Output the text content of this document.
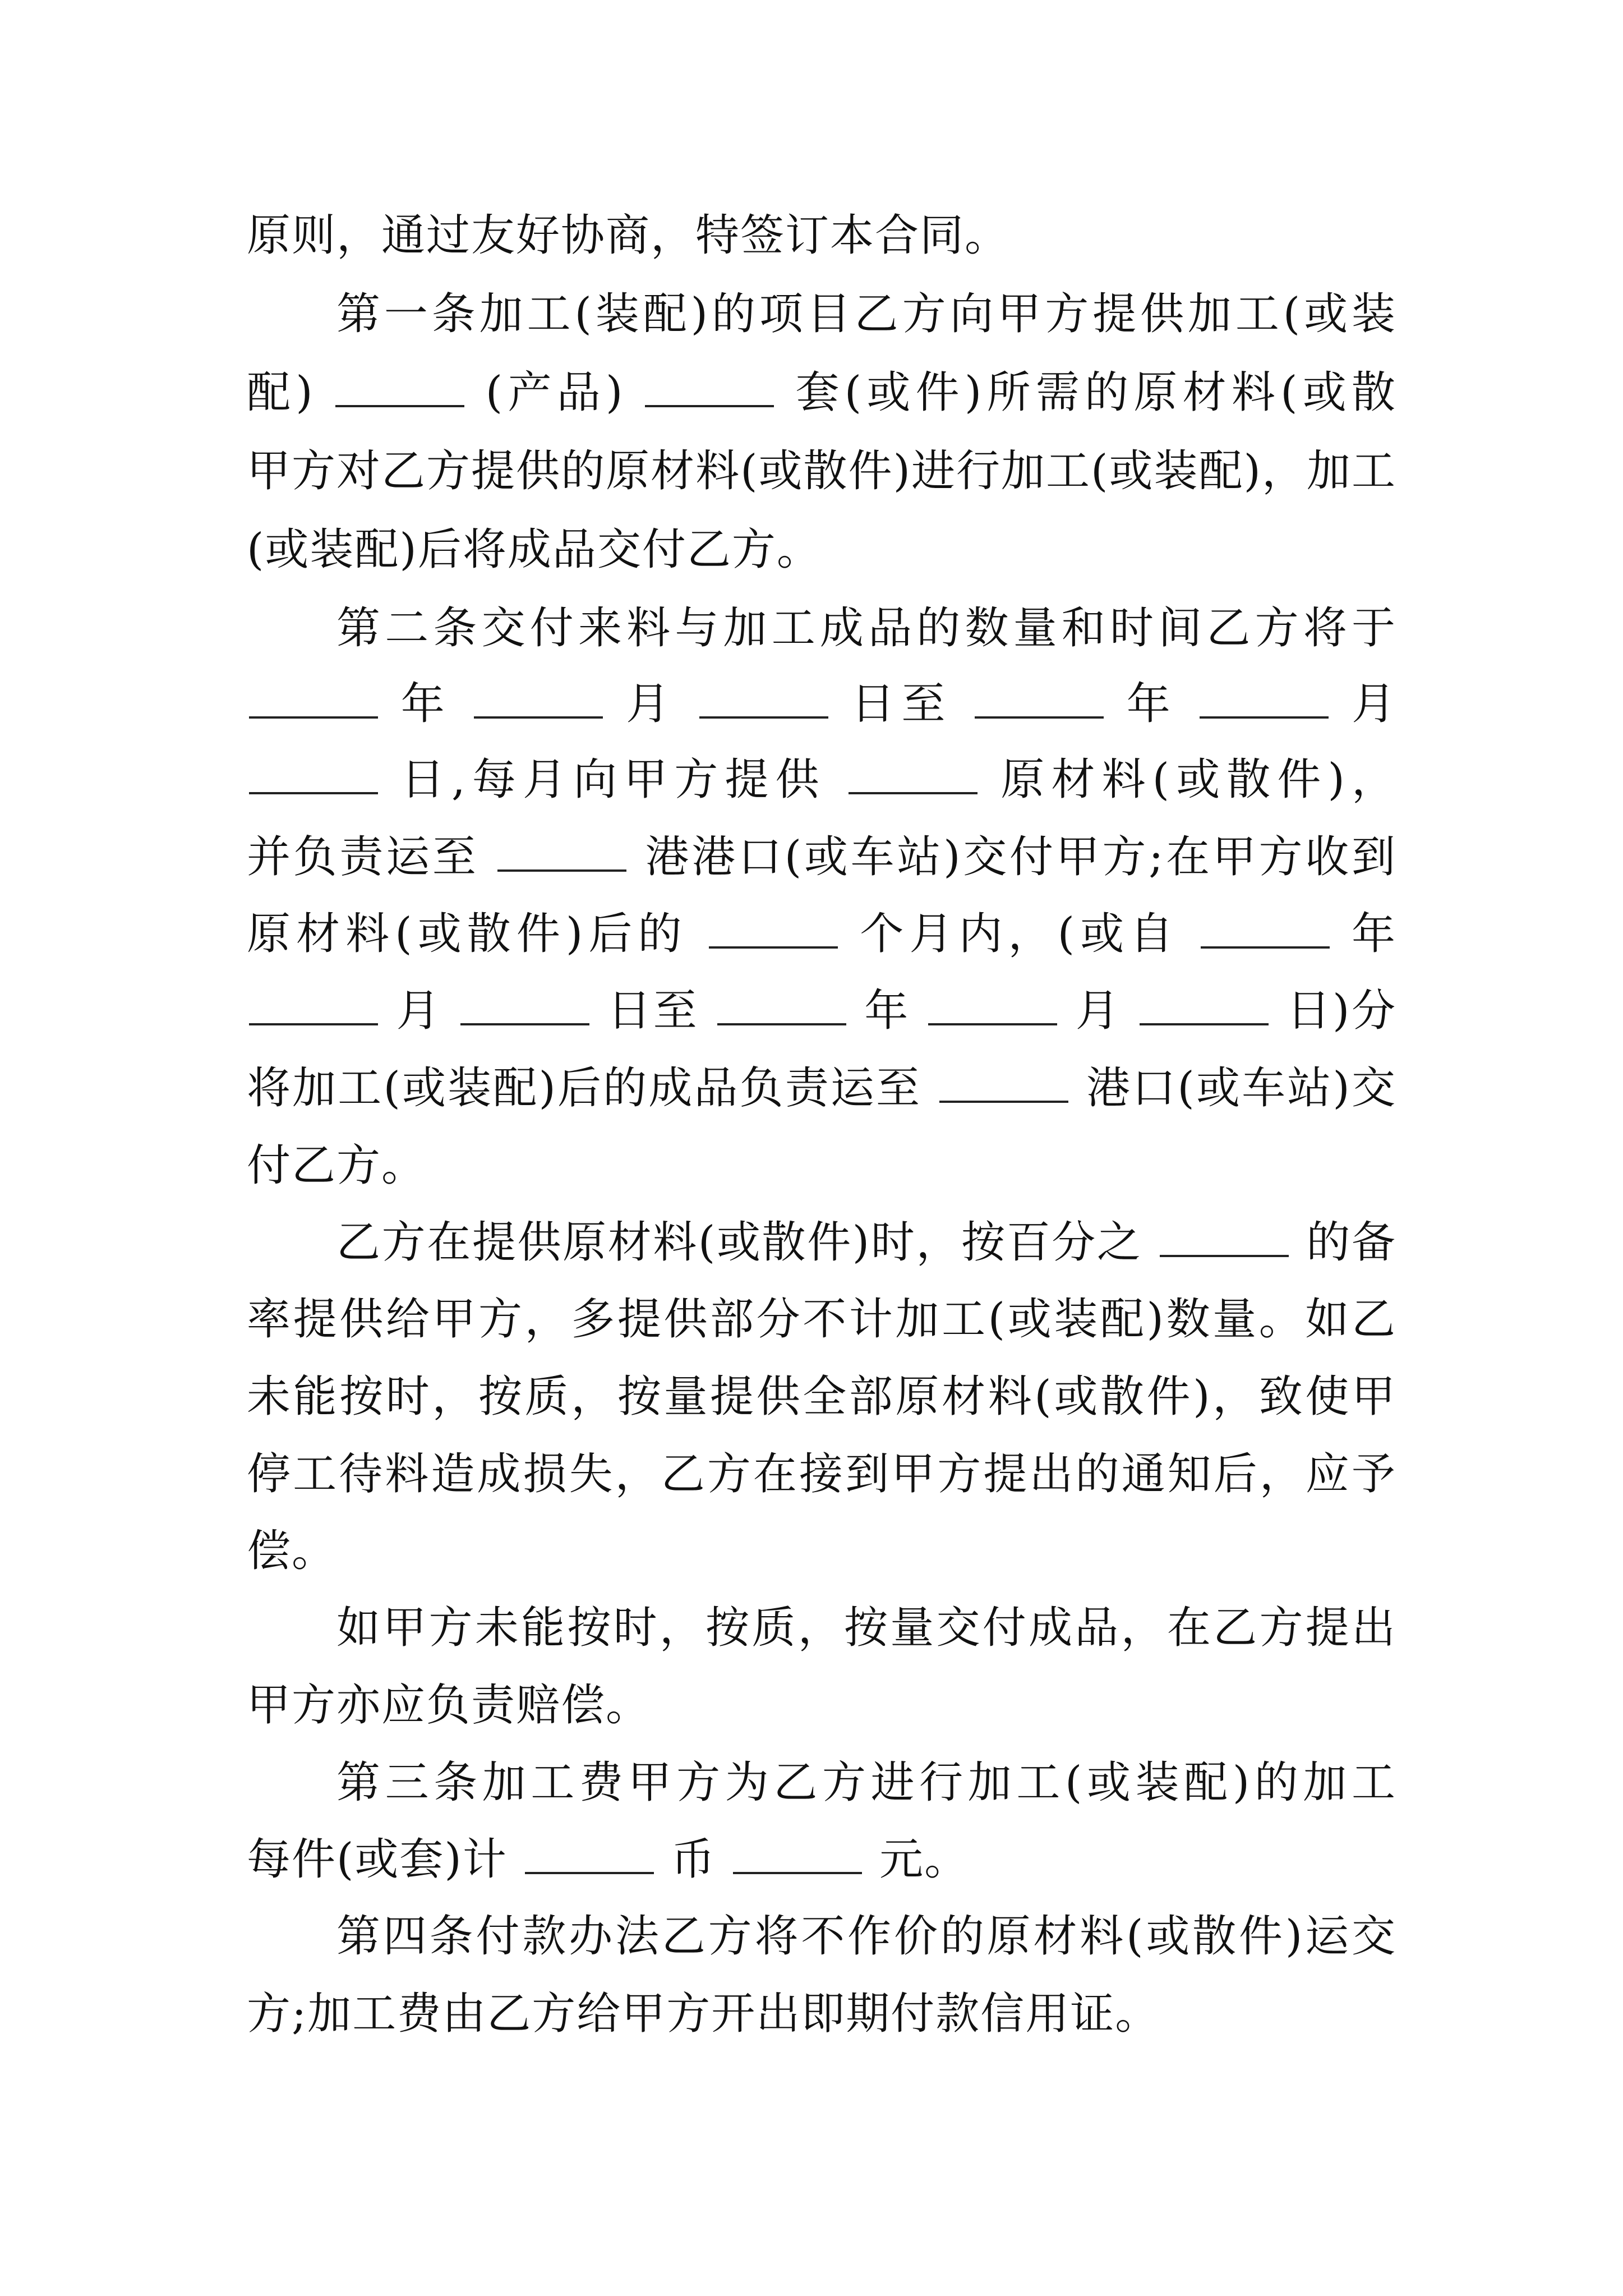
原则，通过友好协商，特签订本合同。
第一条加工(装配)的项目乙方向甲方提供加工(或装
配)	(产品)	套(或件)所需的原材料(或散
甲方对乙方提供的原材料(或散件)进行加工(或装配)，加工
(或装配)后将成品交付乙方。
第二条交付来料与加工成品的数量和时间乙方将于
年	月	日至	年	月
日,每月向甲方提供	原材料(或散件)，
并负责运至	港港口(或车站)交付甲方;在甲方收到
原材料(或散件)后的	个月内，(或自	年
月	日至	年	月	日)分
将加工(或装配)后的成品负责运至	港口(或车站)交
付乙方。
乙方在提供原材料(或散件)时，按百分之	的备
率提供给甲方，多提供部分不计加工(或装配)数量。如乙
未能按时，按质，按量提供全部原材料(或散件)，致使甲
停工待料造成损失，乙方在接到甲方提出的通知后，应予
偿。
如甲方未能按时，按质，按量交付成品，在乙方提出
甲方亦应负责赔偿。
第三条加工费甲方为乙方进行加工(或装配)的加工
每件(或套)计	币	元。
第四条付款办法乙方将不作价的原材料(或散件)运交
方;加工费由乙方给甲方开出即期付款信用证。
